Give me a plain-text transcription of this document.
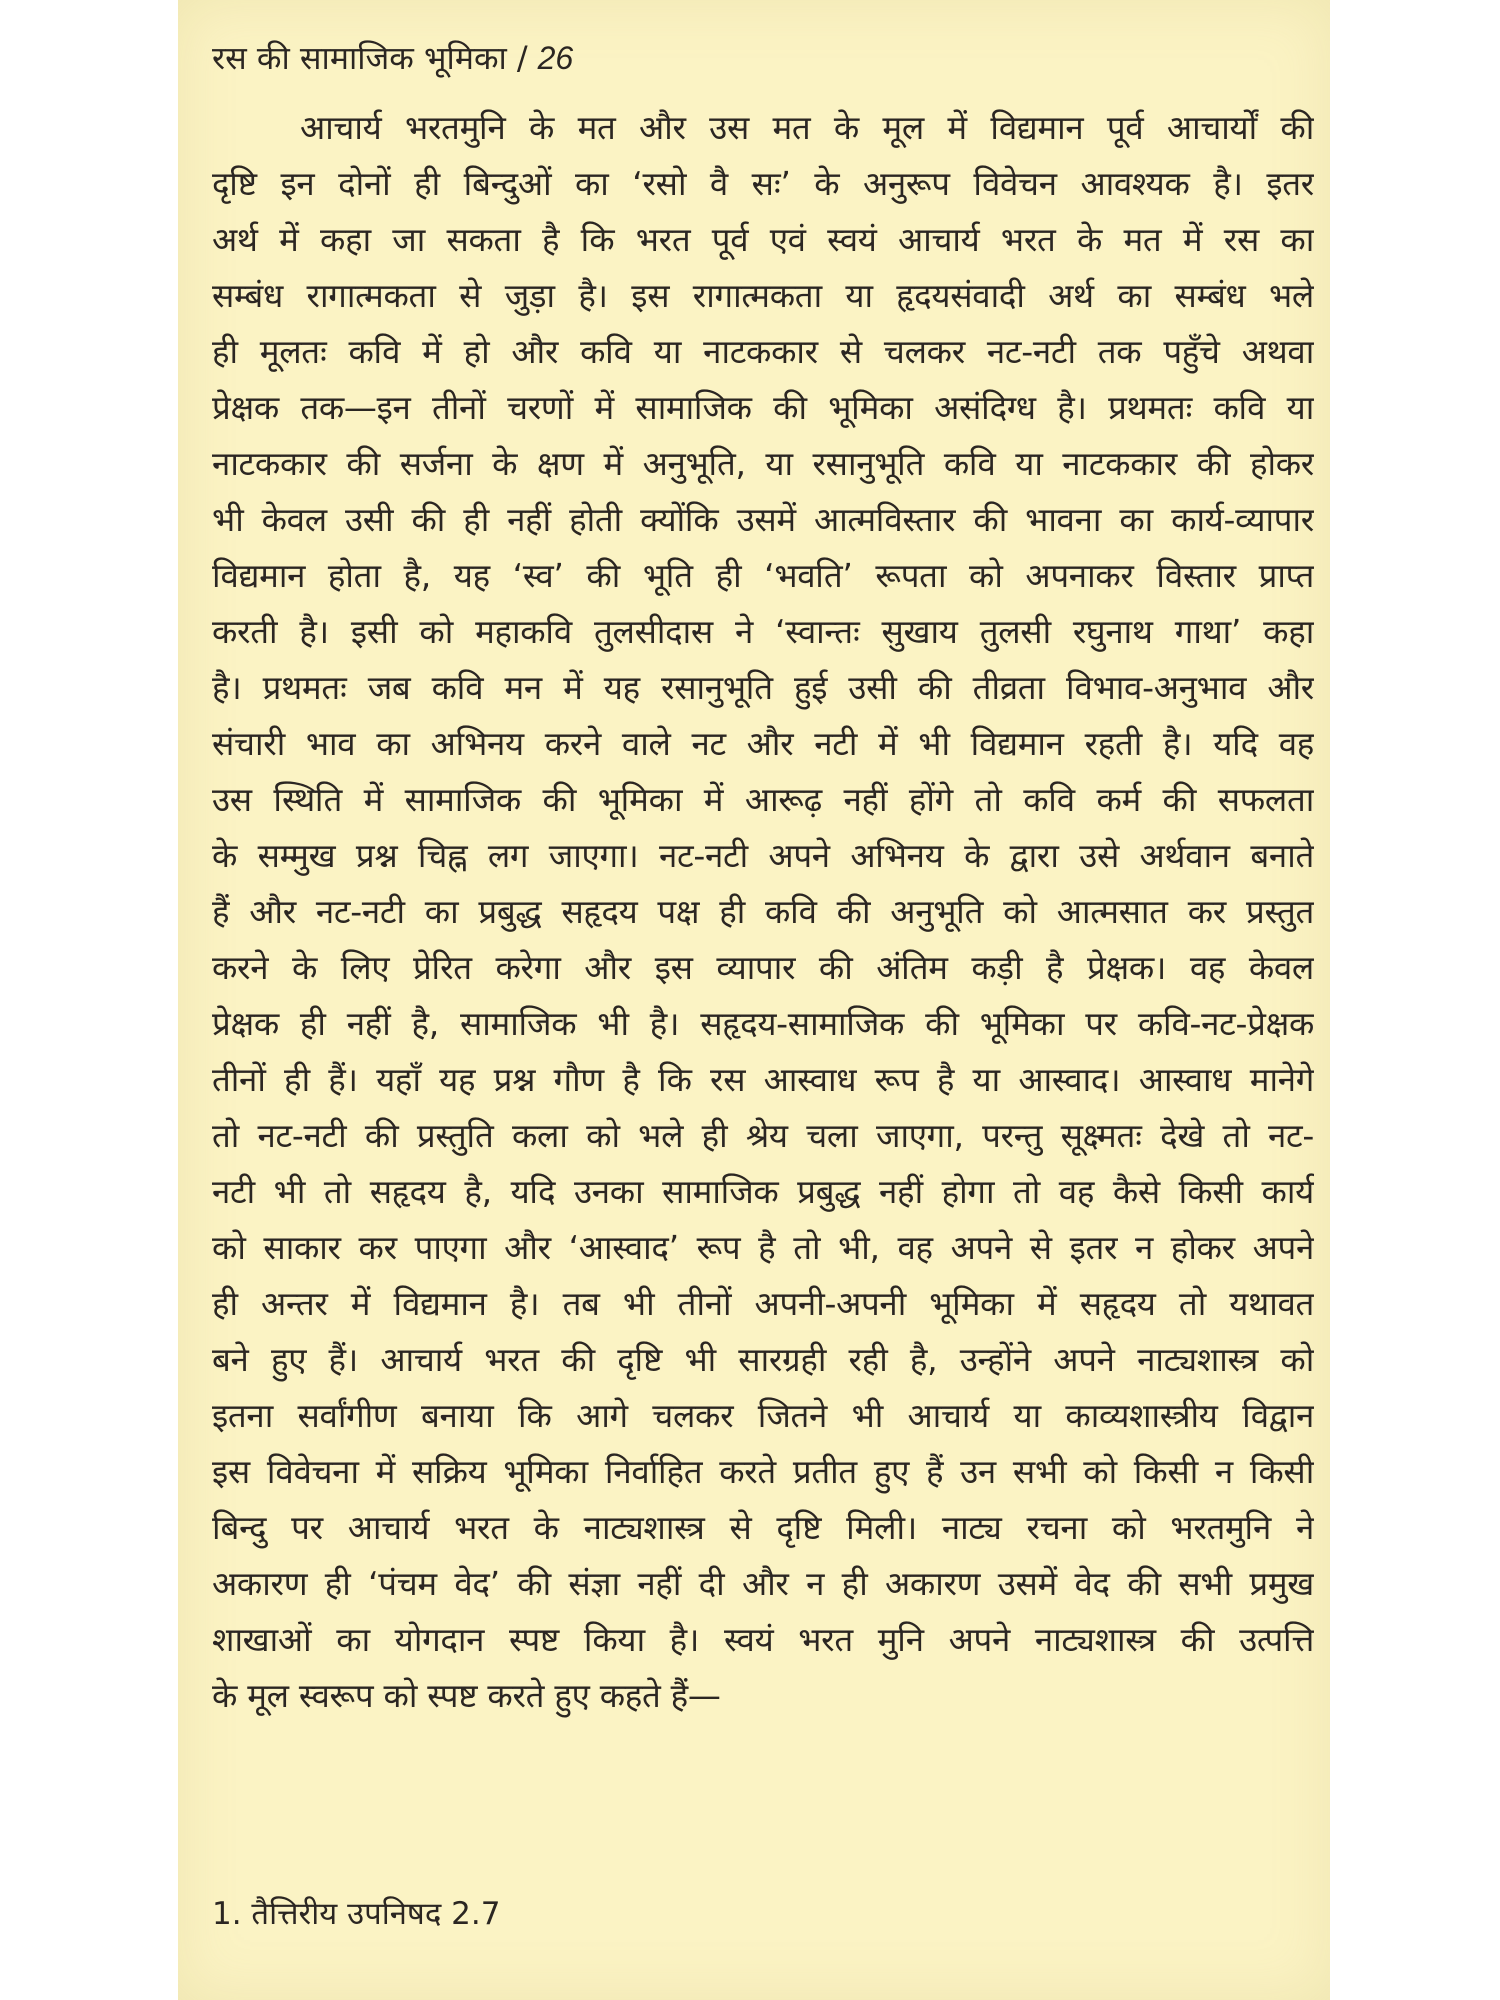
रस की सामाजिक भूमिका / 26
आचार्य भरतमुनि के मत और उस मत के मूल में विद्यमान पूर्व आचार्यों की
दृष्टि इन दोनों ही बिन्दुओं का ‘रसो वै सः’ के अनुरूप विवेचन आवश्यक है। इतर
अर्थ में कहा जा सकता है कि भरत पूर्व एवं स्वयं आचार्य भरत के मत में रस का
सम्बंध रागात्मकता से जुड़ा है। इस रागात्मकता या हृदयसंवादी अर्थ का सम्बंध भले
ही मूलतः कवि में हो और कवि या नाटककार से चलकर नट-नटी तक पहुँचे अथवा
प्रेक्षक तक—इन तीनों चरणों में सामाजिक की भूमिका असंदिग्ध है। प्रथमतः कवि या
नाटककार की सर्जना के क्षण में अनुभूति, या रसानुभूति कवि या नाटककार की होकर
भी केवल उसी की ही नहीं होती क्योंकि उसमें आत्मविस्तार की भावना का कार्य-व्यापार
विद्यमान होता है, यह ‘स्व’ की भूति ही ‘भवति’ रूपता को अपनाकर विस्तार प्राप्त
करती है। इसी को महाकवि तुलसीदास ने ‘स्वान्तः सुखाय तुलसी रघुनाथ गाथा’ कहा
है। प्रथमतः जब कवि मन में यह रसानुभूति हुई उसी की तीव्रता विभाव-अनुभाव और
संचारी भाव का अभिनय करने वाले नट और नटी में भी विद्यमान रहती है। यदि वह
उस स्थिति में सामाजिक की भूमिका में आरूढ़ नहीं होंगे तो कवि कर्म की सफलता
के सम्मुख प्रश्न चिह्न लग जाएगा। नट-नटी अपने अभिनय के द्वारा उसे अर्थवान बनाते
हैं और नट-नटी का प्रबुद्ध सहृदय पक्ष ही कवि की अनुभूति को आत्मसात कर प्रस्तुत
करने के लिए प्रेरित करेगा और इस व्यापार की अंतिम कड़ी है प्रेक्षक। वह केवल
प्रेक्षक ही नहीं है, सामाजिक भी है। सहृदय-सामाजिक की भूमिका पर कवि-नट-प्रेक्षक
तीनों ही हैं। यहाँ यह प्रश्न गौण है कि रस आस्वाध रूप है या आस्वाद। आस्वाध मानेगे
तो नट-नटी की प्रस्तुति कला को भले ही श्रेय चला जाएगा, परन्तु सूक्ष्मतः देखे तो नट-
नटी भी तो सहृदय है, यदि उनका सामाजिक प्रबुद्ध नहीं होगा तो वह कैसे किसी कार्य
को साकार कर पाएगा और ‘आस्वाद’ रूप है तो भी, वह अपने से इतर न होकर अपने
ही अन्तर में विद्यमान है। तब भी तीनों अपनी-अपनी भूमिका में सहृदय तो यथावत
बने हुए हैं। आचार्य भरत की दृष्टि भी सारग्रही रही है, उन्होंने अपने नाट्यशास्त्र को
इतना सर्वांगीण बनाया कि आगे चलकर जितने भी आचार्य या काव्यशास्त्रीय विद्वान
इस विवेचना में सक्रिय भूमिका निर्वाहित करते प्रतीत हुए हैं उन सभी को किसी न किसी
बिन्दु पर आचार्य भरत के नाट्यशास्त्र से दृष्टि मिली। नाट्य रचना को भरतमुनि ने
अकारण ही ‘पंचम वेद’ की संज्ञा नहीं दी और न ही अकारण उसमें वेद की सभी प्रमुख
शाखाओं का योगदान स्पष्ट किया है। स्वयं भरत मुनि अपने नाट्यशास्त्र की उत्पत्ति
के मूल स्वरूप को स्पष्ट करते हुए कहते हैं—
1. तैत्तिरीय उपनिषद 2.7
